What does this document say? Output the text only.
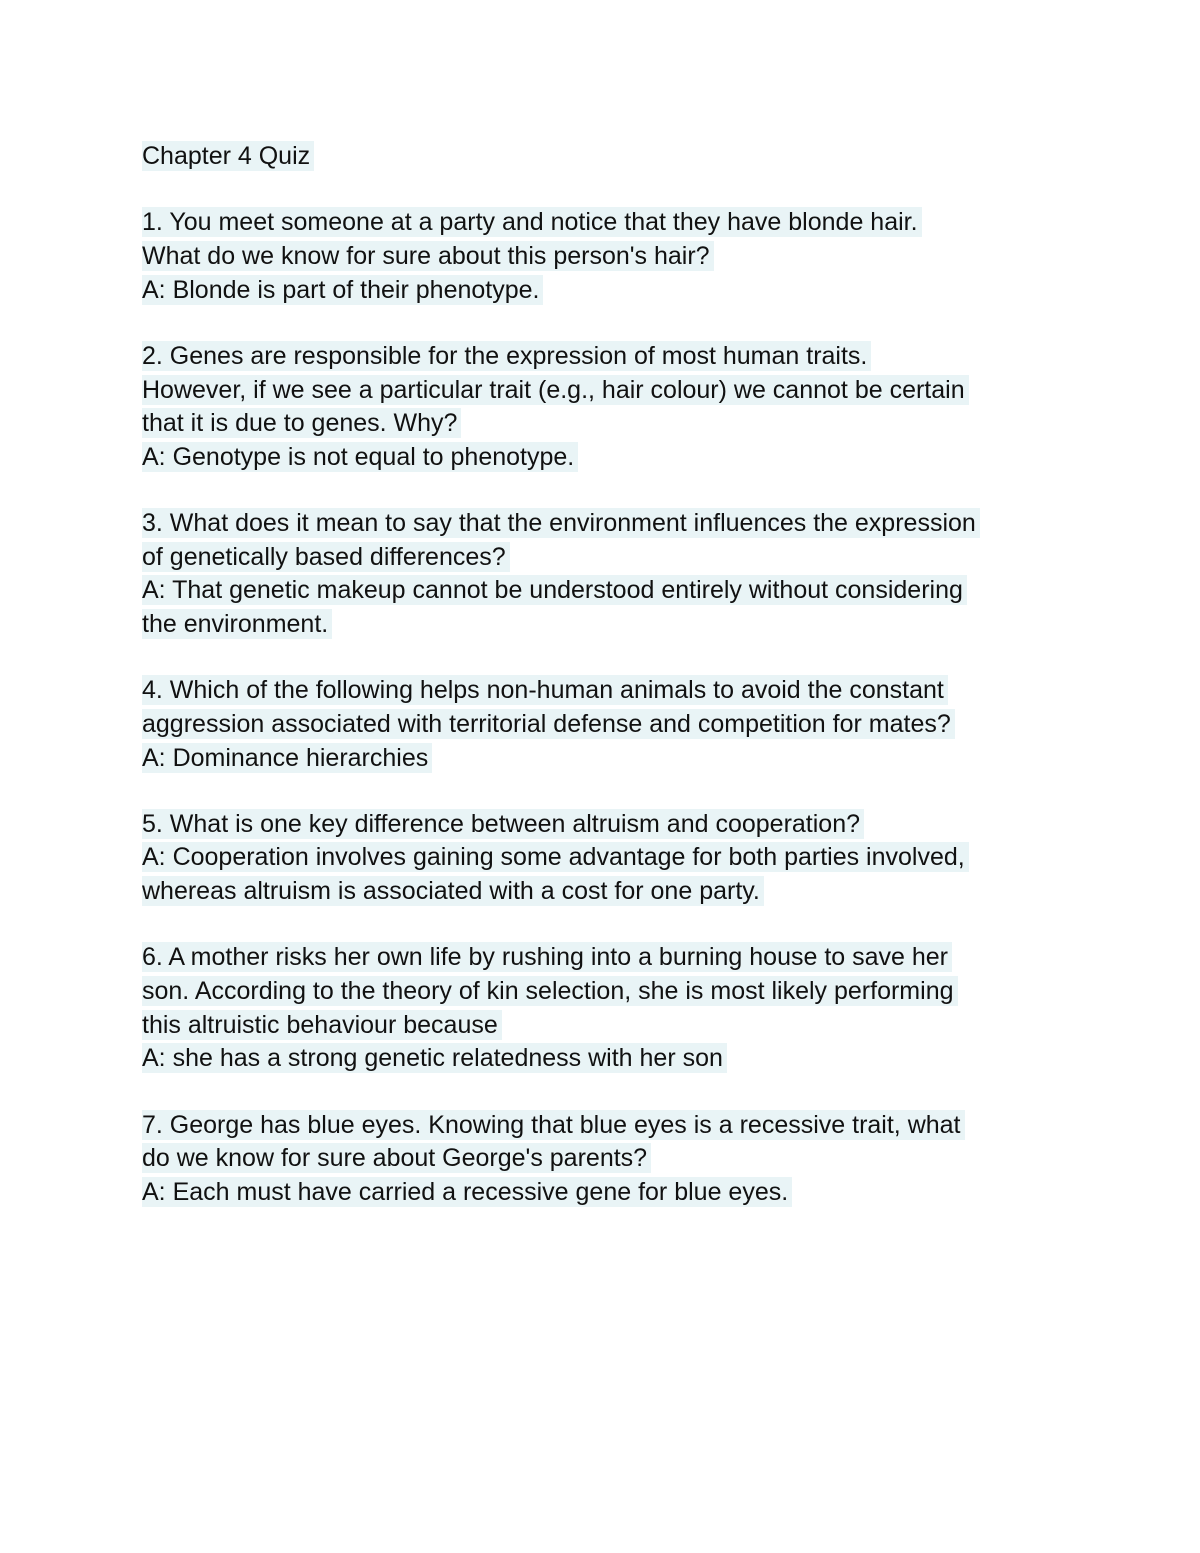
Chapter 4 Quiz
1. You meet someone at a party and notice that they have blonde hair.
What do we know for sure about this person's hair?
A: Blonde is part of their phenotype.
2. Genes are responsible for the expression of most human traits.
However, if we see a particular trait (e.g., hair colour) we cannot be certain
that it is due to genes. Why?
A: Genotype is not equal to phenotype.
3. What does it mean to say that the environment influences the expression
of genetically based differences?
A: That genetic makeup cannot be understood entirely without considering
the environment.
4. Which of the following helps non-human animals to avoid the constant
aggression associated with territorial defense and competition for mates?
A: Dominance hierarchies
5. What is one key difference between altruism and cooperation?
A: Cooperation involves gaining some advantage for both parties involved,
whereas altruism is associated with a cost for one party.
6. A mother risks her own life by rushing into a burning house to save her
son. According to the theory of kin selection, she is most likely performing
this altruistic behaviour because
A: she has a strong genetic relatedness with her son
7. George has blue eyes. Knowing that blue eyes is a recessive trait, what
do we know for sure about George's parents?
A: Each must have carried a recessive gene for blue eyes.
